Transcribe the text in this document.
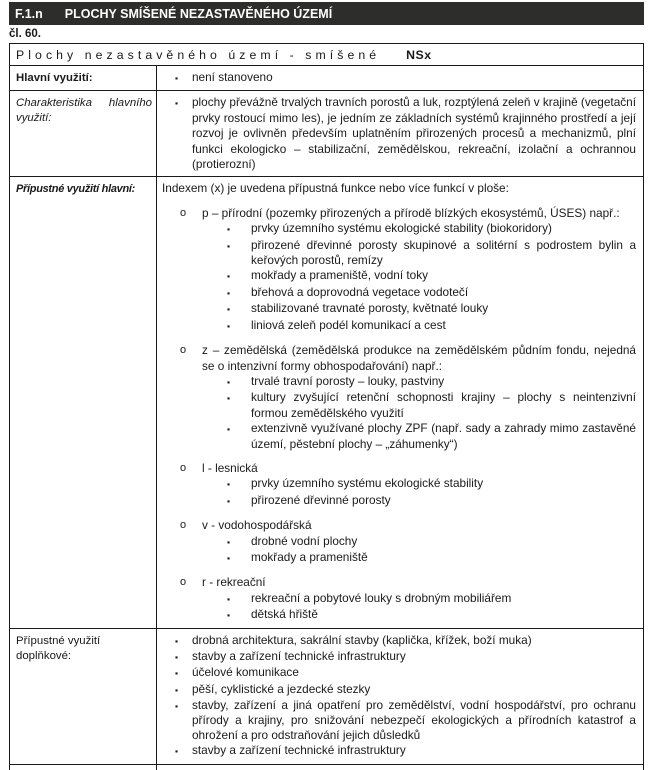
F.1.n PLOCHY SMÍŠENÉ NEZASTAVĚNÉHO ÚZEMÍ
čl. 60.
Plochy nezastavěného území - smíšené NSx	
Hlavní využití:	▪ není stanoveno

Charakteristika hlavního využití:	▪ plochy převážně trvalých travních porostů a luk, rozptýlená zeleň v krajině (vegetační prvky rostoucí mimo les), je jedním ze základních systémů krajinného prostředí a její rozvoj je ovlivněn především uplatněním přirozených procesů a mechanizmů, plní funkci ekologicko – stabilizační, zemědělskou, rekreační, izolační a ochrannou (protierozní)

Přípustné využití hlavní:	Indexem (x) je uvedena přípustná funkce nebo více funkcí v ploše:
o	p – přírodní (pozemky přirozených a přírodě blízkých ekosystémů, ÚSES) např.:
▪	prvky územního systému ekologické stability (biokoridory)
▪	přirozené dřevinné porosty skupinové a solitérní s podrostem bylin a keřových porostů, remízy
▪	mokřady a prameniště, vodní toky
▪	břehová a doprovodná vegetace vodotečí
▪	stabilizované travnaté porosty, květnaté louky
▪	liniová zeleň podél komunikací a cest
o	z – zemědělská (zemědělská produkce na zemědělském půdním fondu, nejedná se o intenzivní formy obhospodařování) např.:
▪	trvalé travní porosty – louky, pastviny
▪	kultury zvyšující retenční schopnosti krajiny – plochy s neintenzivní formou zemědělského využití
▪	extenzivně využívané plochy ZPF (např. sady a zahrady mimo zastavěné území, pěstební plochy – „záhumenky“)
o	l - lesnická
▪	prvky územního systému ekologické stability
▪	přirozené dřevinné porosty
o	v - vodohospodářská
▪	drobné vodní plochy
▪	mokřady a prameniště
o	r - rekreační
▪	rekreační a pobytové louky s drobným mobiliářem
▪	dětská hřiště

Přípustné využití doplňkové:	
▪	drobná architektura, sakrální stavby (kaplička, křížek, boží muka)
▪	stavby a zařízení technické infrastruktury
▪	účelové komunikace
▪	pěší, cyklistické a jezdecké stezky
▪	stavby, zařízení a jiná opatření pro zemědělství, vodní hospodářství, pro ochranu přírody a krajiny, pro snižování nebezpečí ekologických a přírodních katastrof a ohrožení a pro odstraňování jejich důsledků
▪	stavby a zařízení technické infrastruktury
